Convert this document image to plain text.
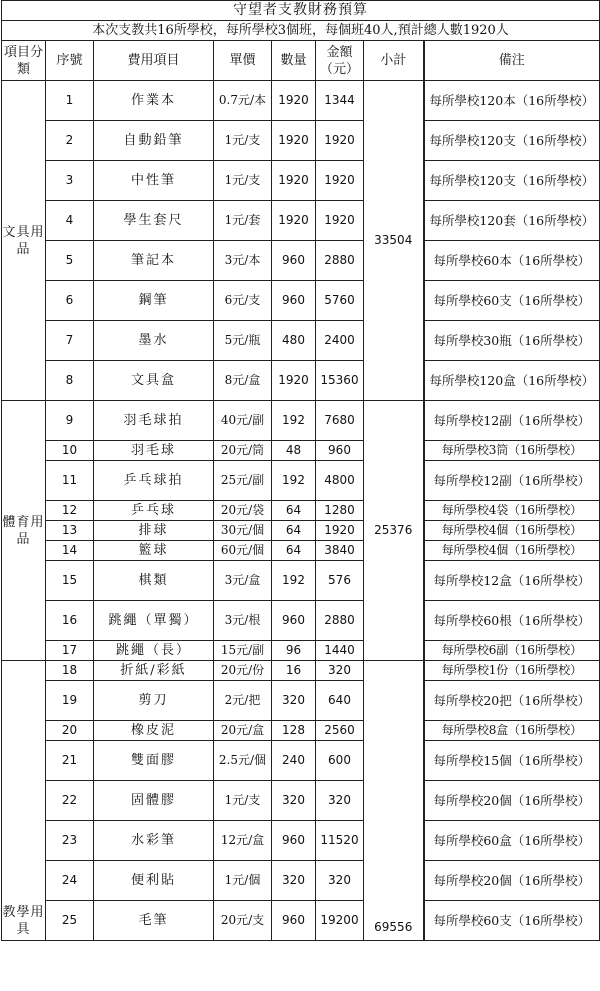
守望者支教財務預算							
本次支教共16所學校，每所學校3個班，每個班40人,預計總人數1920人							
項目分類	序號	費用項目	單價	數量	金額（元）	小計	備注
文具用品	1	作業本	0.7元/本	1920	1344	33504	每所學校120本（16所學校）
	2	自動鉛筆	1元/支	1920	1920		每所學校120支（16所學校）
	3	中性筆	1元/支	1920	1920		每所學校120支（16所學校）
	4	學生套尺	1元/套	1920	1920		每所學校120套（16所學校）
	5	筆記本	3元/本	960	2880		每所學校60本（16所學校）
	6	鋼筆	6元/支	960	5760		每所學校60支（16所學校）
	7	墨水	5元/瓶	480	2400		每所學校30瓶（16所學校）
	8	文具盒	8元/盒	1920	15360		每所學校120盒（16所學校）
體育用品	9	羽毛球拍	40元/副	192	7680	25376	每所學校12副（16所學校）
	10	羽毛球	20元/筒	48	960		每所學校3筒（16所學校）
	11	乒乓球拍	25元/副	192	4800		每所學校12副（16所學校）
	12	乒乓球	20元/袋	64	1280		每所學校4袋（16所學校）
	13	排球	30元/個	64	1920		每所學校4個（16所學校）
	14	籃球	60元/個	64	3840		每所學校4個（16所學校）
	15	棋類	3元/盒	192	576		每所學校12盒（16所學校）
	16	跳繩（單獨）	3元/根	960	2880		每所學校60根（16所學校）
	17	跳繩（長）	15元/副	96	1440		每所學校6副（16所學校）
教學用具	18	折紙/彩紙	20元/份	16	320	69556	每所學校1份（16所學校）
	19	剪刀	2元/把	320	640		每所學校20把（16所學校）
	20	橡皮泥	20元/盒	128	2560		每所學校8盒（16所學校）
	21	雙面膠	2.5元/個	240	600		每所學校15個（16所學校）
	22	固體膠	1元/支	320	320		每所學校20個（16所學校）
	23	水彩筆	12元/盒	960	11520		每所學校60盒（16所學校）
	24	便利貼	1元/個	320	320		每所學校20個（16所學校）
	25	毛筆	20元/支	960	19200		每所學校60支（16所學校）
